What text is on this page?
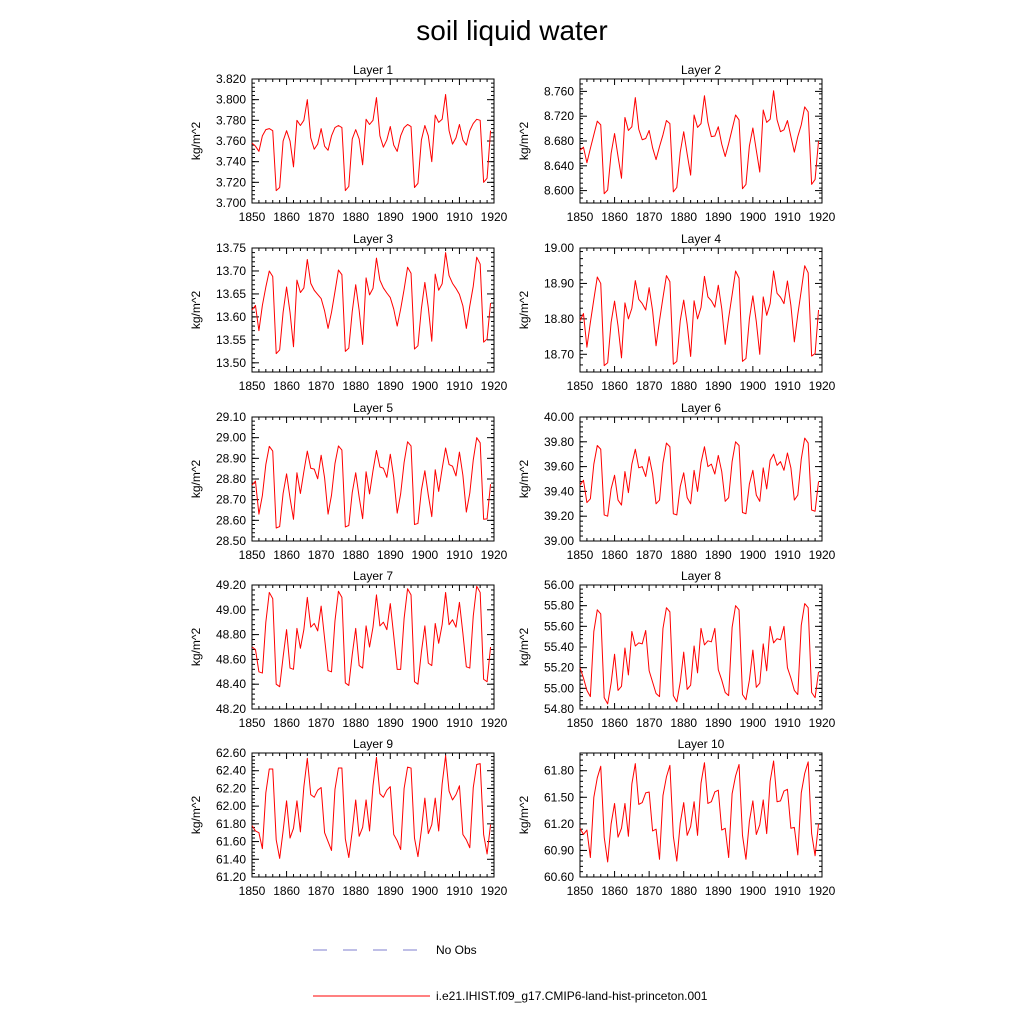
soil liquid water
Layer 1
kg/m^2
1850 1860 1870 1880 1890 1900 1910 1920
3.700
3.720
3.740
3.760
3.780
3.800
3.820
Layer 2
kg/m^2
1850 1860 1870 1880 1890 1900 1910 1920
8.600
8.640
8.680
8.720
8.760
Layer 3
kg/m^2
1850 1860 1870 1880 1890 1900 1910 1920
13.50
13.55
13.60
13.65
13.70
13.75
Layer 4
kg/m^2
1850 1860 1870 1880 1890 1900 1910 1920
18.70
18.80
18.90
19.00
Layer 5
kg/m^2
1850 1860 1870 1880 1890 1900 1910 1920
28.50
28.60
28.70
28.80
28.90
29.00
29.10
Layer 6
kg/m^2
1850 1860 1870 1880 1890 1900 1910 1920
39.00
39.20
39.40
39.60
39.80
40.00
Layer 7
kg/m^2
1850 1860 1870 1880 1890 1900 1910 1920
48.20
48.40
48.60
48.80
49.00
49.20
Layer 8
kg/m^2
1850 1860 1870 1880 1890 1900 1910 1920
54.80
55.00
55.20
55.40
55.60
55.80
56.00
Layer 9
kg/m^2
1850 1860 1870 1880 1890 1900 1910 1920
61.20
61.40
61.60
61.80
62.00
62.20
62.40
62.60
Layer 10
kg/m^2
1850 1860 1870 1880 1890 1900 1910 1920
60.60
60.90
61.20
61.50
61.80
No Obs
i.e21.IHIST.f09_g17.CMIP6-land-hist-princeton.001
